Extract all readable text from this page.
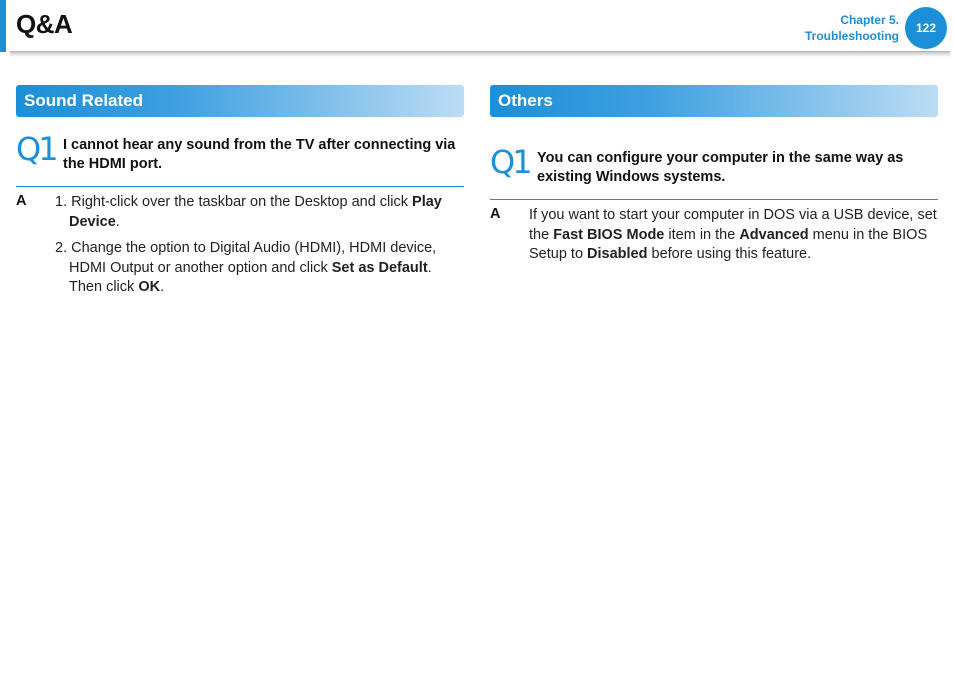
Q&A	Chapter 5.
Troubleshooting
122
Sound Related
Q1 I cannot hear any sound from the TV after connecting via the HDMI port.
A 1. Right-click over the taskbar on the Desktop and click Play Device.
2. Change the option to Digital Audio (HDMI), HDMI device, HDMI Output or another option and click Set as Default. Then click OK.
Others
Q1 You can configure your computer in the same way as existing Windows systems.
A If you want to start your computer in DOS via a USB device, set the Fast BIOS Mode item in the Advanced menu in the BIOS Setup to Disabled before using this feature.
